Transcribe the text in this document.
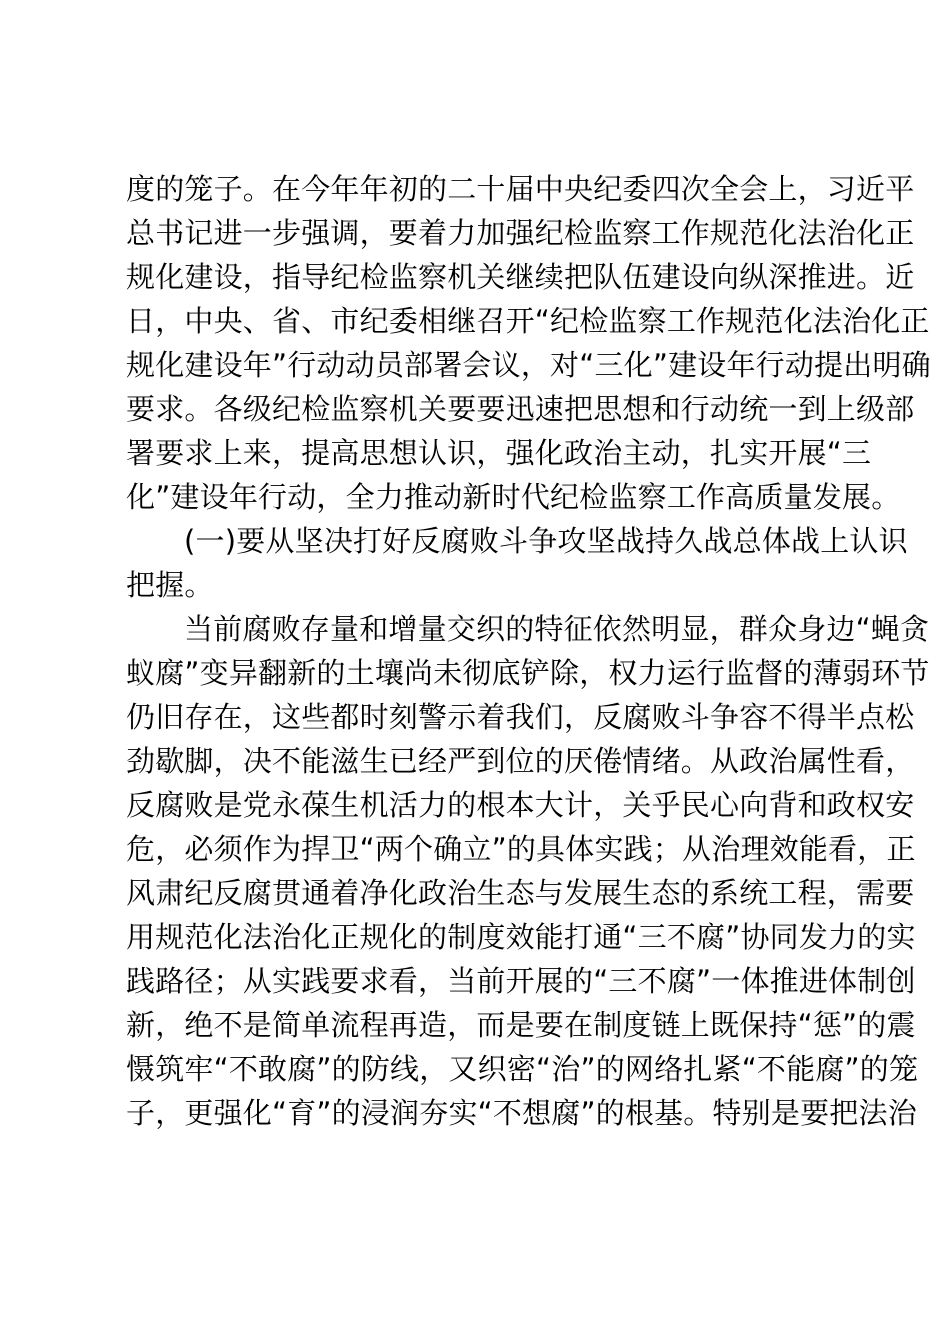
度的笼子。在今年年初的二十届中央纪委四次全会上，习近平
总书记进一步强调，要着力加强纪检监察工作规范化法治化正
规化建设，指导纪检监察机关继续把队伍建设向纵深推进。近
日，中央、省、市纪委相继召开“纪检监察工作规范化法治化正
规化建设年”行动动员部署会议，对“三化”建设年行动提出明确
要求。各级纪检监察机关要要迅速把思想和行动统一到上级部
署要求上来，提高思想认识，强化政治主动，扎实开展“三
化”建设年行动，全力推动新时代纪检监察工作高质量发展。
(一)要从坚决打好反腐败斗争攻坚战持久战总体战上认识
把握。
当前腐败存量和增量交织的特征依然明显，群众身边“蝇贪
蚁腐”变异翻新的土壤尚未彻底铲除，权力运行监督的薄弱环节
仍旧存在，这些都时刻警示着我们，反腐败斗争容不得半点松
劲歇脚，决不能滋生已经严到位的厌倦情绪。从政治属性看，
反腐败是党永葆生机活力的根本大计，关乎民心向背和政权安
危，必须作为捍卫“两个确立”的具体实践；从治理效能看，正
风肃纪反腐贯通着净化政治生态与发展生态的系统工程，需要
用规范化法治化正规化的制度效能打通“三不腐”协同发力的实
践路径；从实践要求看，当前开展的“三不腐”一体推进体制创
新，绝不是简单流程再造，而是要在制度链上既保持“惩”的震
慑筑牢“不敢腐”的防线，又织密“治”的网络扎紧“不能腐”的笼
子，更强化“育”的浸润夯实“不想腐”的根基。特别是要把法治
